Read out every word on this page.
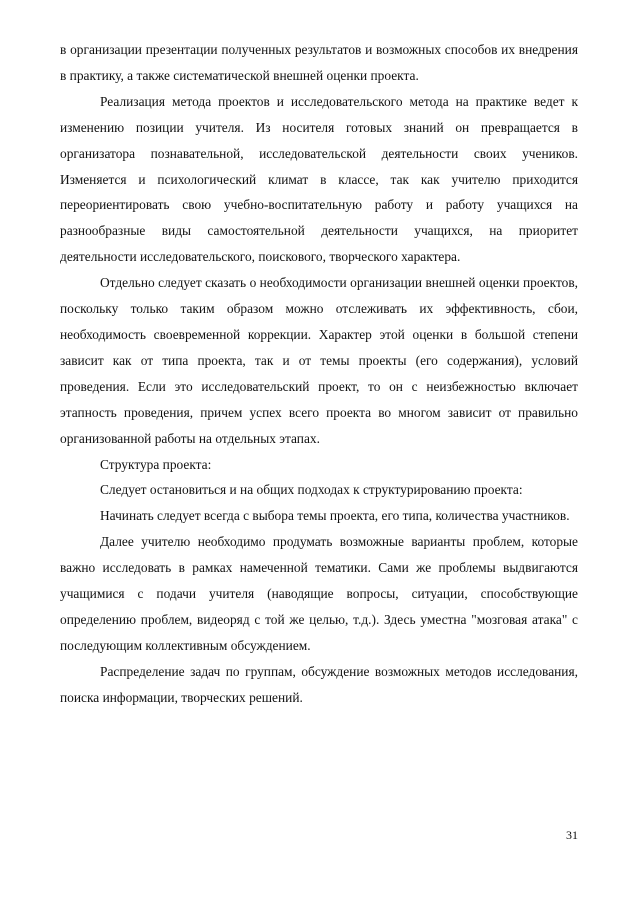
в организации презентации полученных результатов и возможных способов их внедрения в практику, а также систематической внешней оценки проекта.

Реализация метода проектов и исследовательского метода на практике ведет к изменению позиции учителя. Из носителя готовых знаний он превращается в организатора познавательной, исследовательской деятельности своих учеников. Изменяется и психологический климат в классе, так как учителю приходится переориентировать свою учебно-воспитательную работу и работу учащихся на разнообразные виды самостоятельной деятельности учащихся, на приоритет деятельности исследовательского, поискового, творческого характера.

Отдельно следует сказать о необходимости организации внешней оценки проектов, поскольку только таким образом можно отслеживать их эффективность, сбои, необходимость своевременной коррекции. Характер этой оценки в большой степени зависит как от типа проекта, так и от темы проекты (его содержания), условий проведения. Если это исследовательский проект, то он с неизбежностью включает этапность проведения, причем успех всего проекта во многом зависит от правильно организованной работы на отдельных этапах.

Структура проекта:

Следует остановиться и на общих подходах к структурированию проекта:

Начинать следует всегда с выбора темы проекта, его типа, количества участников.

Далее учителю необходимо продумать возможные варианты проблем, которые важно исследовать в рамках намеченной тематики. Сами же проблемы выдвигаются учащимися с подачи учителя (наводящие вопросы, ситуации, способствующие определению проблем, видеоряд с той же целью, т.д.). Здесь уместна "мозговая атака" с последующим коллективным обсуждением.

Распределение задач по группам, обсуждение возможных методов исследования, поиска информации, творческих решений.

31
